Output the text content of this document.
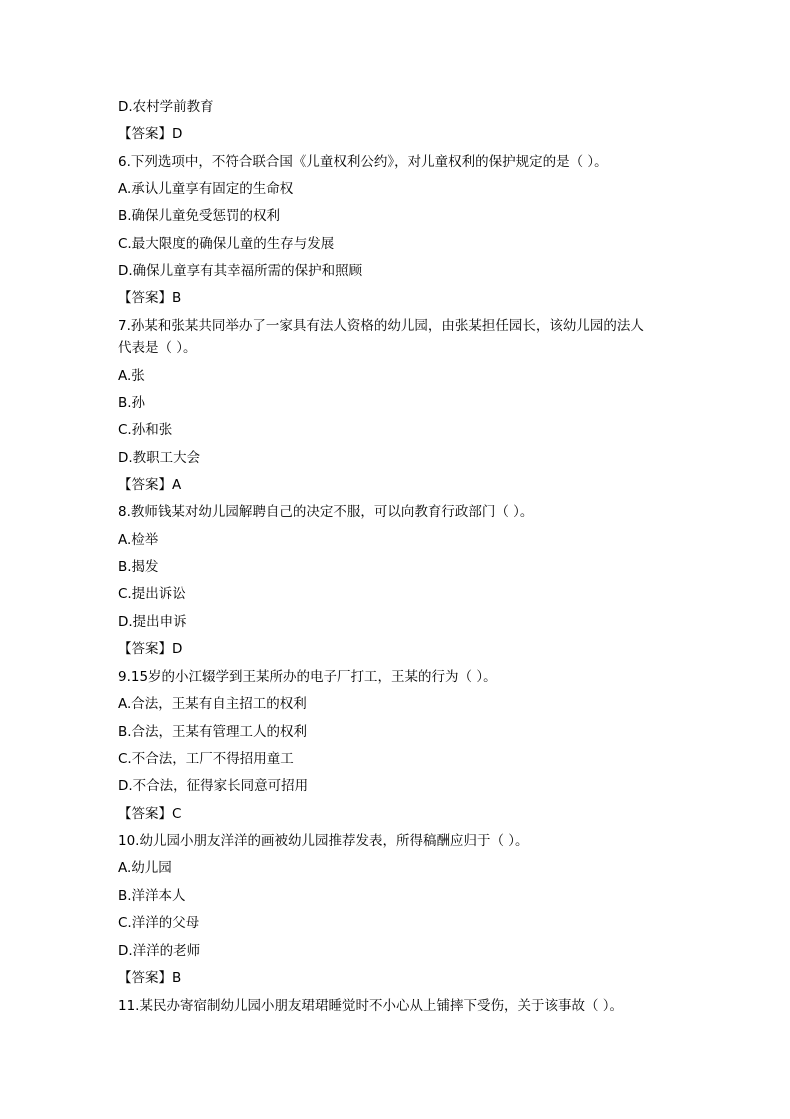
D.农村学前教育
【答案】D
6.下列选项中，不符合联合国《儿童权利公约》，对儿童权利的保护规定的是（ ）。
A.承认儿童享有固定的生命权
B.确保儿童免受惩罚的权利
C.最大限度的确保儿童的生存与发展
D.确保儿童享有其幸福所需的保护和照顾
【答案】B
7.孙某和张某共同举办了一家具有法人资格的幼儿园，由张某担任园长，该幼儿园的法人
代表是（ ）。
A.张
B.孙
C.孙和张
D.教职工大会
【答案】A
8.教师钱某对幼儿园解聘自己的决定不服，可以向教育行政部门（ ）。
A.检举
B.揭发
C.提出诉讼
D.提出申诉
【答案】D
9.15岁的小江辍学到王某所办的电子厂打工，王某的行为（ ）。
A.合法，王某有自主招工的权利
B.合法，王某有管理工人的权利
C.不合法，工厂不得招用童工
D.不合法，征得家长同意可招用
【答案】C
10.幼儿园小朋友洋洋的画被幼儿园推荐发表，所得稿酬应归于（ ）。
A.幼儿园
B.洋洋本人
C.洋洋的父母
D.洋洋的老师
【答案】B
11.某民办寄宿制幼儿园小朋友珺珺睡觉时不小心从上铺摔下受伤，关于该事故（ ）。
